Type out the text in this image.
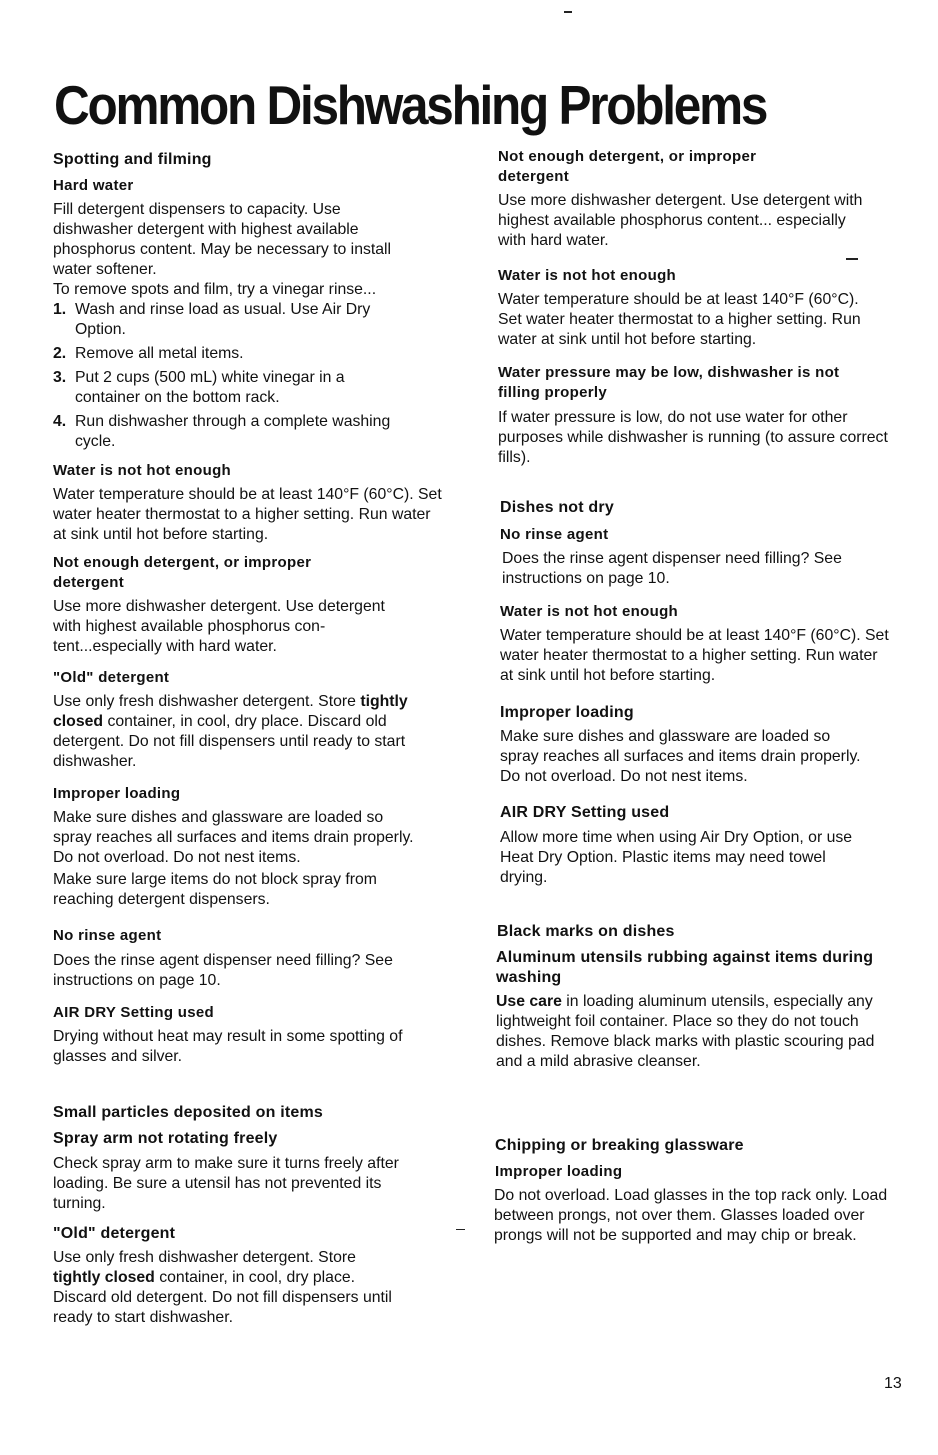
Common Dishwashing Problems
Spotting and filming
Hard water

Fill detergent dispensers to capacity. Use dishwasher detergent with highest available phosphorus content. May be necessary to install water softener.

To remove spots and film, try a vinegar rinse...

1. Wash and rinse load as usual. Use Air Dry Option.
2. Remove all metal items.
3. Put 2 cups (500 mL) white vinegar in a container on the bottom rack.
4. Run dishwasher through a complete washing cycle.
Water is not hot enough
Water temperature should be at least 140°F (60°C). Set water heater thermostat to a higher setting. Run water at sink until hot before starting.
Not enough detergent, or improper detergent
Use more dishwasher detergent. Use detergent with highest available phosphorus con- tent...especially with hard water.
"Old" detergent
Use only fresh dishwasher detergent. Store tightly closed container, in cool, dry place. Discard old detergent. Do not fill dispensers until ready to start dishwasher.
Improper loading

Make sure dishes and glassware are loaded so spray reaches all surfaces and items drain properly. Do not overload. Do not nest items.

Make sure large items do not block spray from reaching detergent dispensers.

No rinse agent
Does the rinse agent dispenser need filling? See instructions on page 10.
AIR DRY Setting used
Drying without heat may result in some spotting of glasses and silver.
Small particles deposited on items
Spray arm not rotating freely
Check spray arm to make sure it turns freely after loading. Be sure a utensil has not prevented its turning.
"Old" detergent
Use only fresh dishwasher detergent. Store tightly closed container, in cool, dry place. Discard old detergent. Do not fill dispensers until ready to start dishwasher.
Not enough detergent, or improper detergent
Use more dishwasher detergent. Use detergent with highest available phosphorus content... especially with hard water.
Water is not hot enough
Water temperature should be at least 140°F (60°C). Set water heater thermostat to a higher setting. Run water at sink until hot before starting.
Water pressure may be low, dishwasher is not filling properly
If water pressure is low, do not use water for other purposes while dishwasher is running (to assure correct fills).
Dishes not dry
No rinse agent
Does the rinse agent dispenser need filling? See instructions on page 10.
Water is not hot enough
Water temperature should be at least 140°F (60°C). Set water heater thermostat to a higher setting. Run water at sink until hot before starting.
Improper loading
Make sure dishes and glassware are loaded so spray reaches all surfaces and items drain properly. Do not overload. Do not nest items.
AIR DRY Setting used
Allow more time when using Air Dry Option, or use Heat Dry Option. Plastic items may need towel drying.
Black marks on dishes
Aluminum utensils rubbing against items during washing
Use care in loading aluminum utensils, especially any lightweight foil container. Place so they do not touch dishes. Remove black marks with plastic scouring pad and a mild abrasive cleanser.
Chipping or breaking glassware
Improper loading
Do not overload. Load glasses in the top rack only. Load between prongs, not over them. Glasses loaded over prongs will not be supported and may chip or break.
13
